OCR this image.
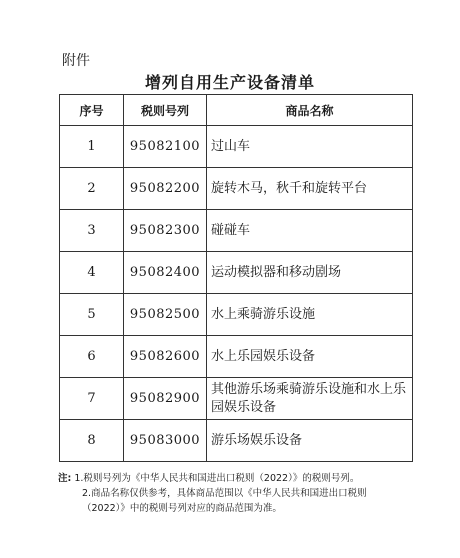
附件
增列自用生产设备清单
序号	税则号列	商品名称
1	95082100	过山车
2	95082200	旋转木马，秋千和旋转平台
3	95082300	碰碰车
4	95082400	运动模拟器和移动剧场
5	95082500	水上乘骑游乐设施
6	95082600	水上乐园娱乐设备
7	95082900	其他游乐场乘骑游乐设施和水上乐园娱乐设备
8	95083000	游乐场娱乐设备
注: 1.税则号列为《中华人民共和国进出口税则（2022）》的税则号列。
2.商品名称仅供参考，具体商品范围以《中华人民共和国进出口税则
（2022）》中的税则号列对应的商品范围为准。
